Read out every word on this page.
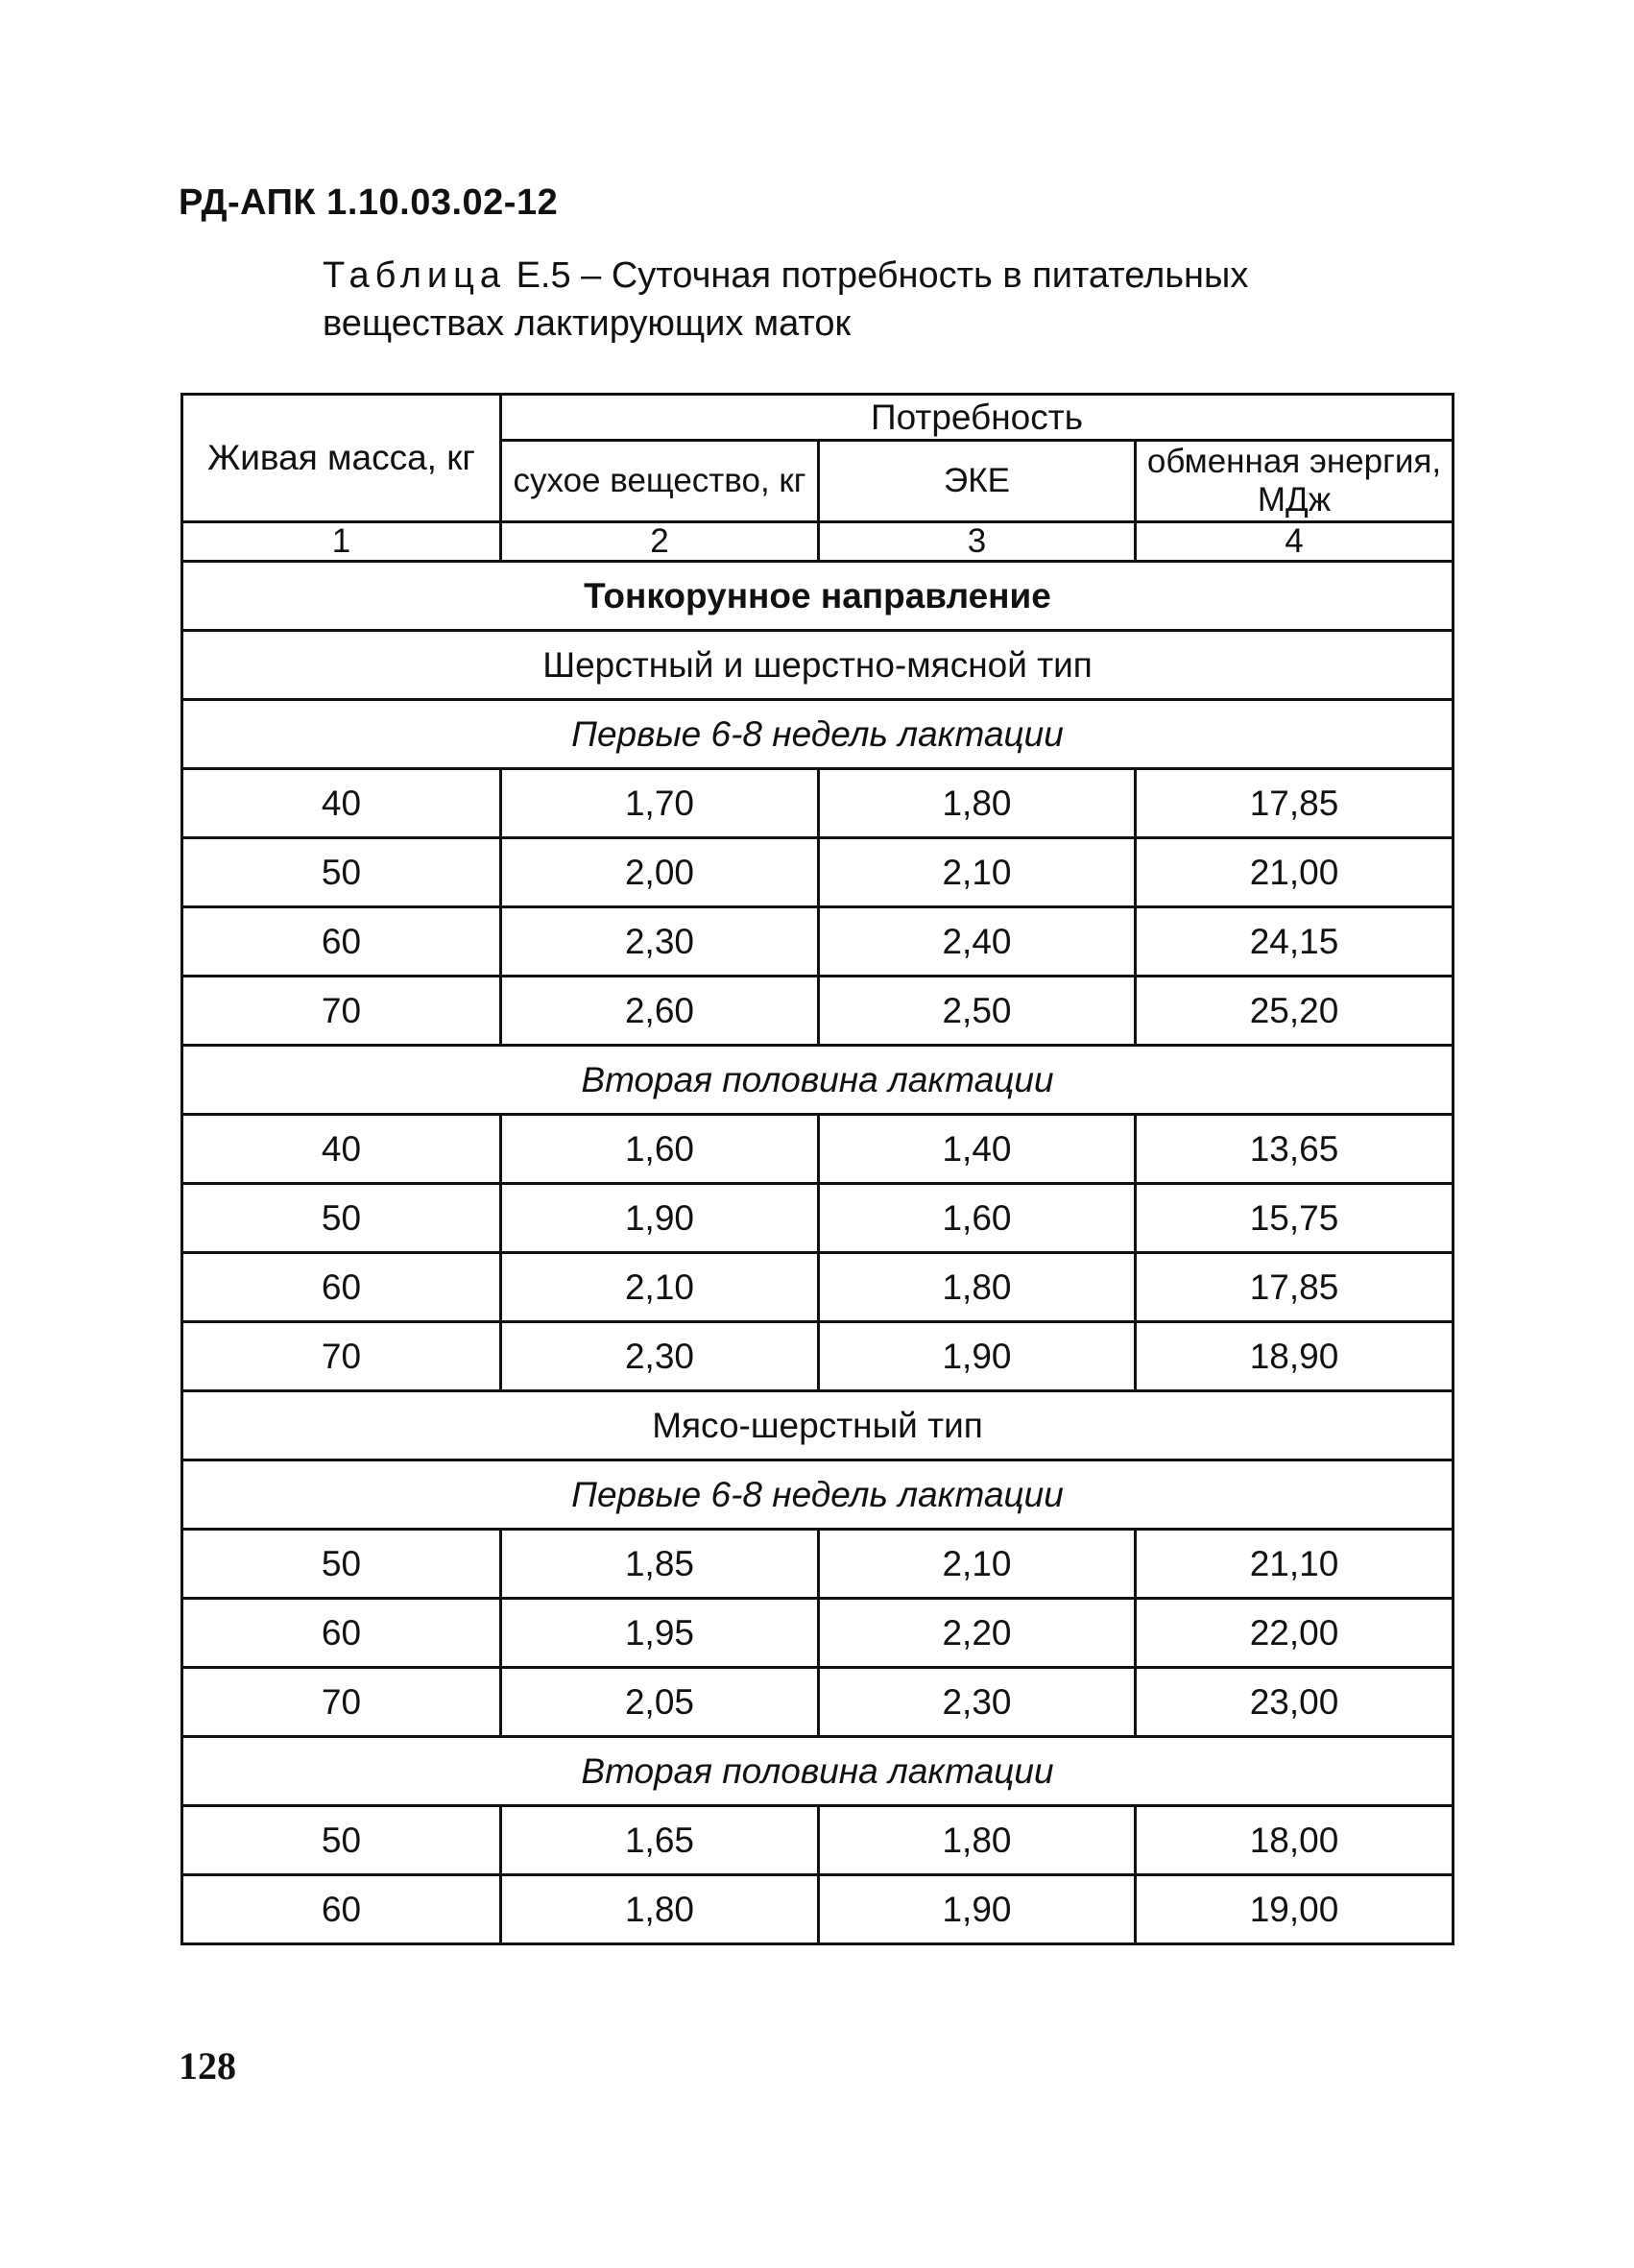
РД-АПК 1.10.03.02-12
Таблица Е.5 – Суточная потребность в питательных
веществах лактирующих маток
Живая масса, кг	Потребность		
	сухое вещество, кг	ЭКЕ	обменная энергия, МДж
1	2	3	4
Тонкорунное направление			
Шерстный и шерстно-мясной тип			
Первые 6-8 недель лактации			
40	1,70	1,80	17,85
50	2,00	2,10	21,00
60	2,30	2,40	24,15
70	2,60	2,50	25,20
Вторая половина лактации			
40	1,60	1,40	13,65
50	1,90	1,60	15,75
60	2,10	1,80	17,85
70	2,30	1,90	18,90
Мясо-шерстный тип			
Первые 6-8 недель лактации			
50	1,85	2,10	21,10
60	1,95	2,20	22,00
70	2,05	2,30	23,00
Вторая половина лактации			
50	1,65	1,80	18,00
60	1,80	1,90	19,00
128
